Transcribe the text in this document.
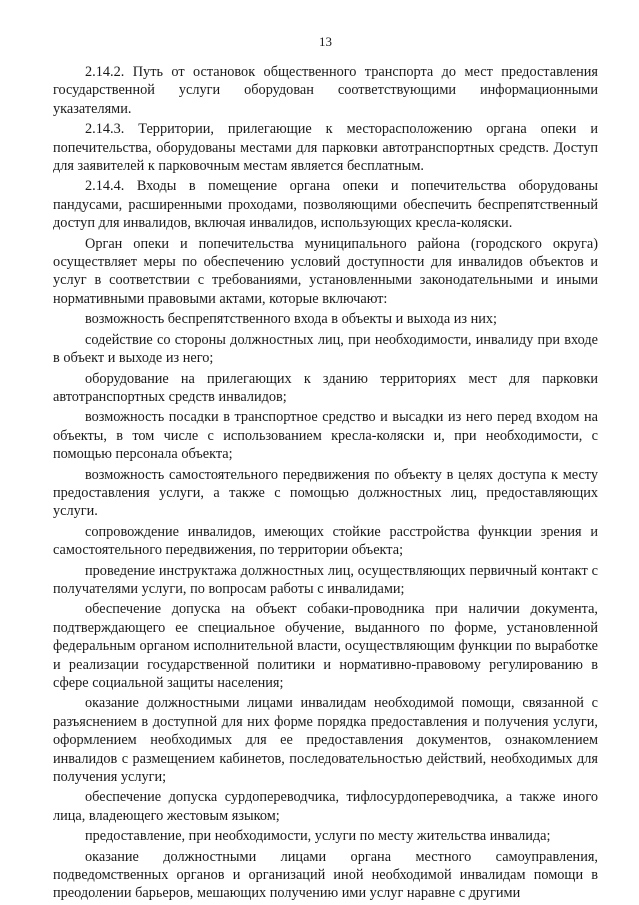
13

2.14.2. Путь от остановок общественного транспорта до мест предоставления государственной услуги оборудован соответствующими информационными указателями.

2.14.3. Территории, прилегающие к месторасположению органа опеки и попечительства, оборудованы местами для парковки автотранспортных средств. Доступ для заявителей к парковочным местам является бесплатным.

2.14.4. Входы в помещение органа опеки и попечительства оборудованы пандусами, расширенными проходами, позволяющими обеспечить беспрепятственный доступ для инвалидов, включая инвалидов, использующих кресла-коляски.

Орган опеки и попечительства муниципального района (городского округа) осуществляет меры по обеспечению условий доступности для инвалидов объектов и услуг в соответствии с требованиями, установленными законодательными и иными нормативными правовыми актами, которые включают:

возможность беспрепятственного входа в объекты и выхода из них;

содействие со стороны должностных лиц, при необходимости, инвалиду при входе в объект и выходе из него;

оборудование на прилегающих к зданию территориях мест для парковки автотранспортных средств инвалидов;

возможность посадки в транспортное средство и высадки из него перед входом на объекты, в том числе с использованием кресла-коляски и, при необходимости, с помощью персонала объекта;

возможность самостоятельного передвижения по объекту в целях доступа к месту предоставления услуги, а также с помощью должностных лиц, предоставляющих услуги.

сопровождение инвалидов, имеющих стойкие расстройства функции зрения и самостоятельного передвижения, по территории объекта;

проведение инструктажа должностных лиц, осуществляющих первичный контакт с получателями услуги, по вопросам работы с инвалидами;

обеспечение допуска на объект собаки-проводника при наличии документа, подтверждающего ее специальное обучение, выданного по форме, установленной федеральным органом исполнительной власти, осуществляющим функции по выработке и реализации государственной политики и нормативно-правовому регулированию в сфере социальной защиты населения;

оказание должностными лицами инвалидам необходимой помощи, связанной с разъяснением в доступной для них форме порядка предоставления и получения услуги, оформлением необходимых для ее предоставления документов, ознакомлением инвалидов с размещением кабинетов, последовательностью действий, необходимых для получения услуги;

обеспечение допуска сурдопереводчика, тифлосурдопереводчика, а также иного лица, владеющего жестовым языком;

предоставление, при необходимости, услуги по месту жительства инвалида;

оказание должностными лицами органа местного самоуправления, подведомственных органов и организаций иной необходимой инвалидам помощи в преодолении барьеров, мешающих получению ими услуг наравне с другими
